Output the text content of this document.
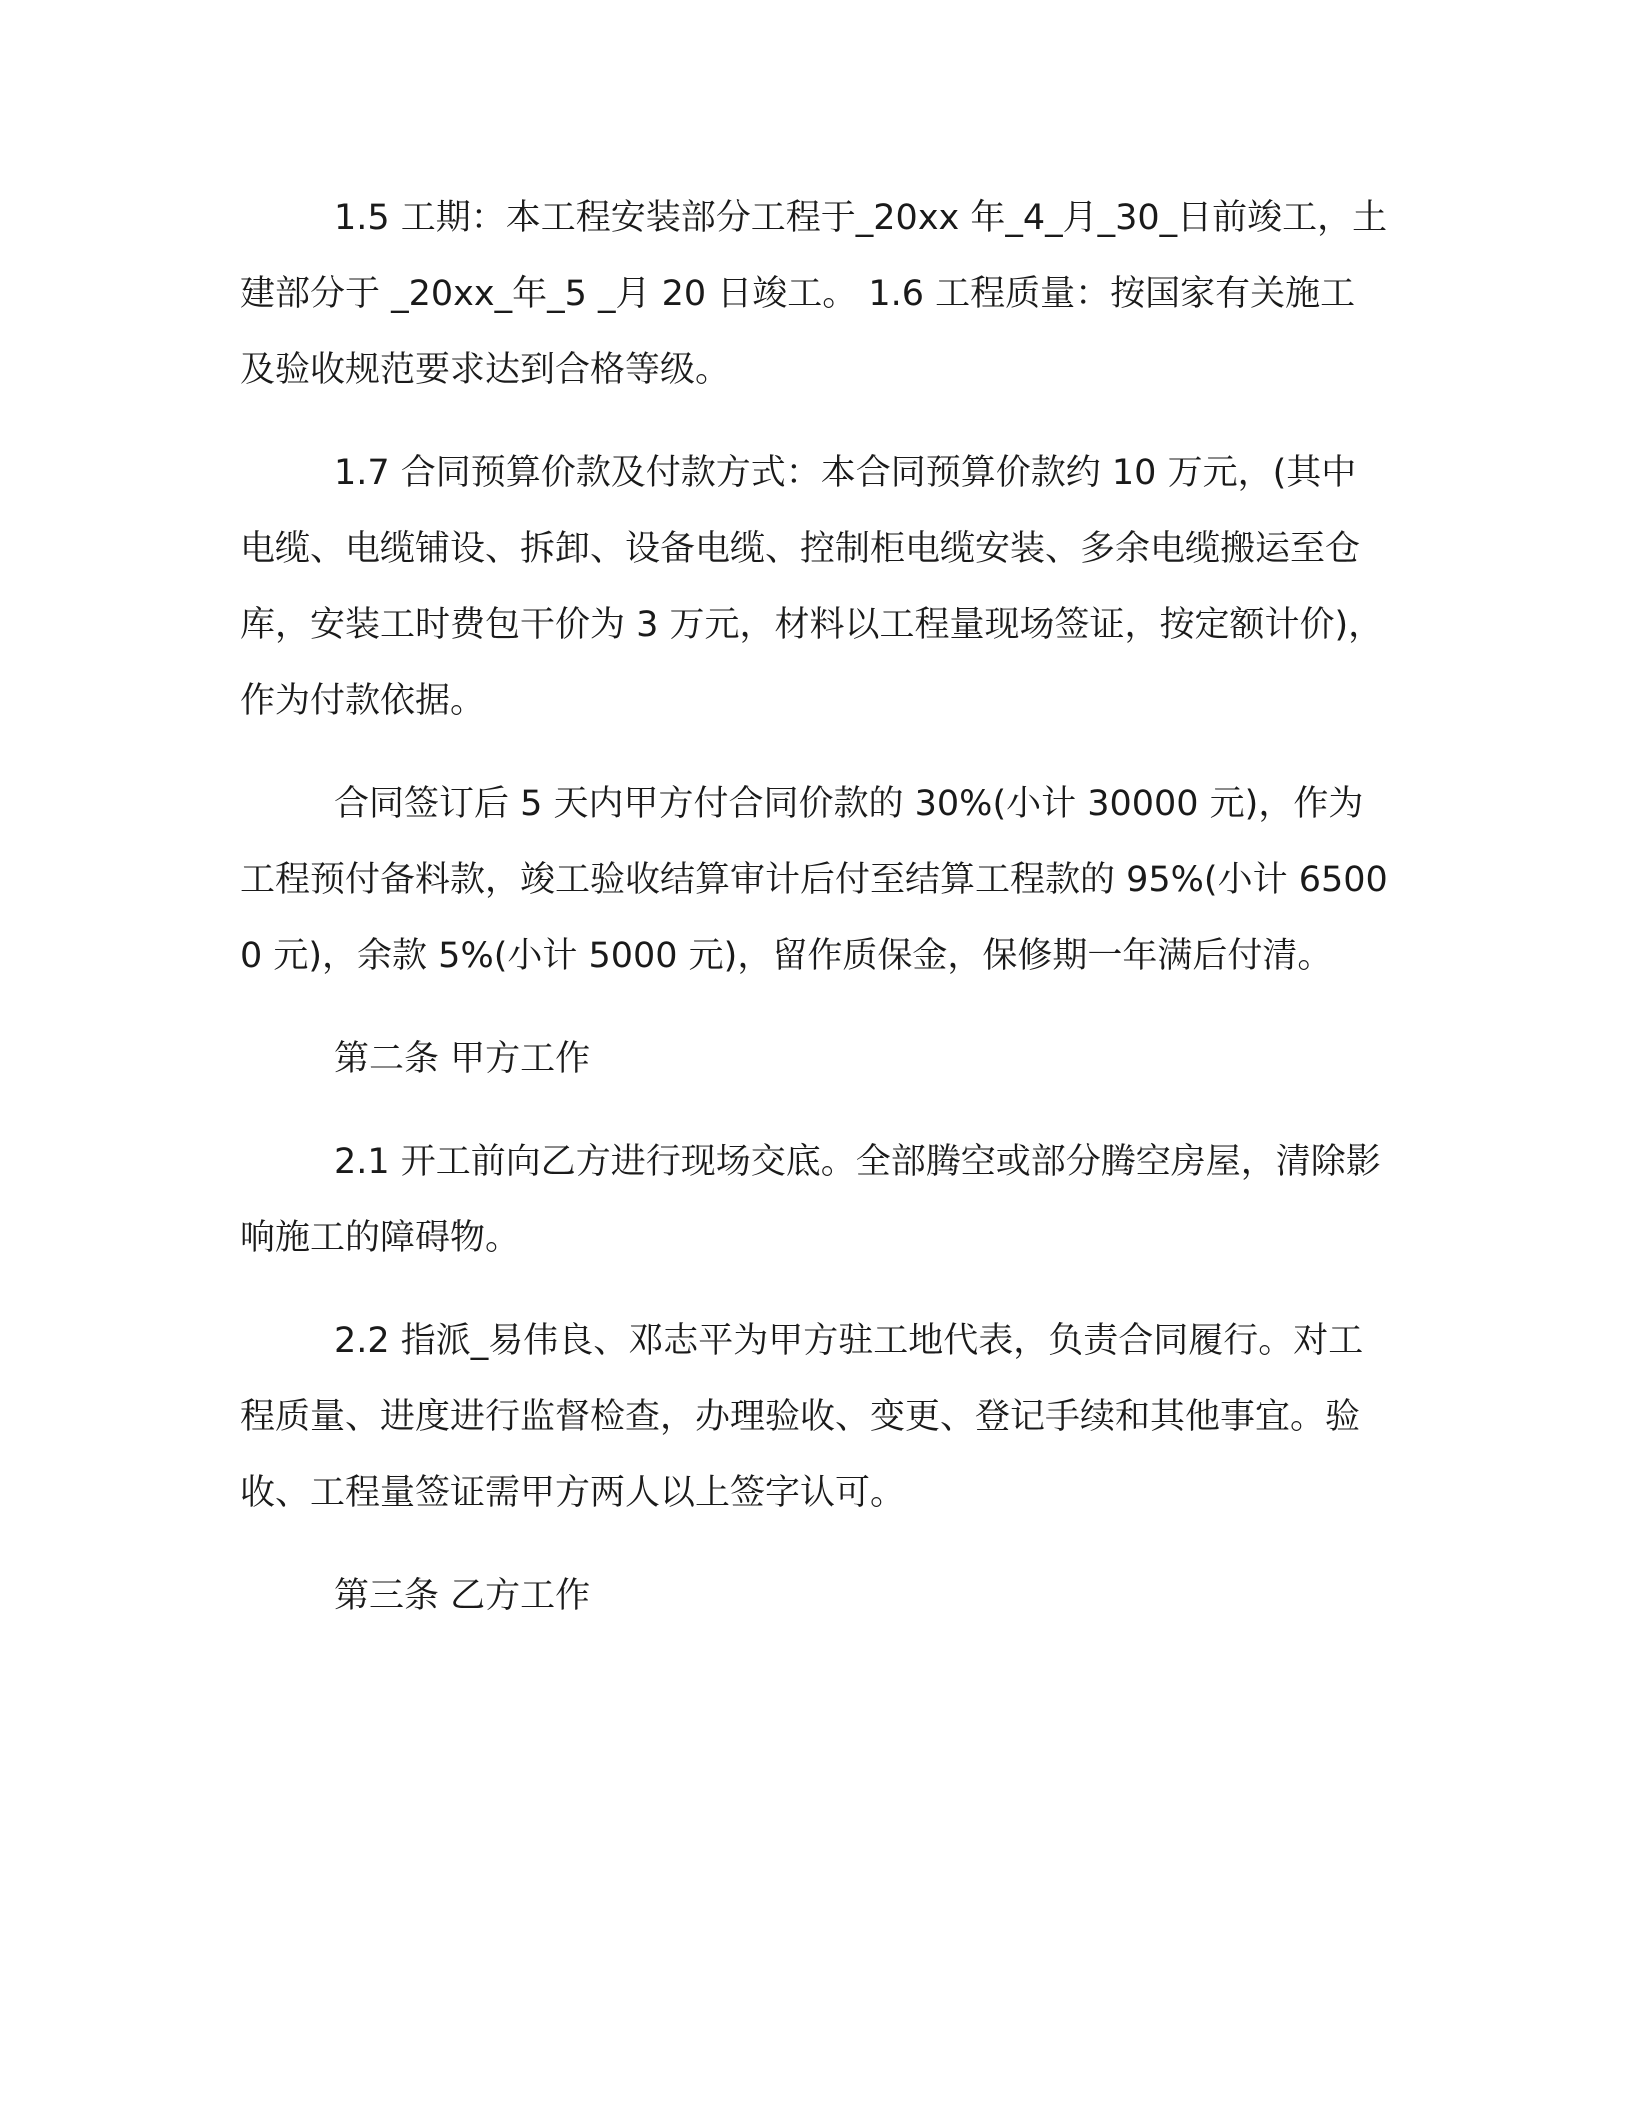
1.5 工期：本工程安装部分工程于_20xx 年_4_月_30_日前竣工，土建部分于 _20xx_年_5 _月 20 日竣工。 1.6 工程质量：按国家有关施工及验收规范要求达到合格等级。

1.7 合同预算价款及付款方式：本合同预算价款约 10 万元，(其中电缆、电缆铺设、拆卸、设备电缆、控制柜电缆安装、多余电缆搬运至仓库，安装工时费包干价为 3 万元，材料以工程量现场签证，按定额计价)，作为付款依据。

合同签订后 5 天内甲方付合同价款的 30%(小计 30000 元)，作为工程预付备料款，竣工验收结算审计后付至结算工程款的 95%(小计 65000 元)，余款 5%(小计 5000 元)，留作质保金，保修期一年满后付清。

第二条 甲方工作

2.1 开工前向乙方进行现场交底。全部腾空或部分腾空房屋，清除影响施工的障碍物。

2.2 指派_易伟良、邓志平为甲方驻工地代表，负责合同履行。对工程质量、进度进行监督检查，办理验收、变更、登记手续和其他事宜。验收、工程量签证需甲方两人以上签字认可。

第三条 乙方工作
